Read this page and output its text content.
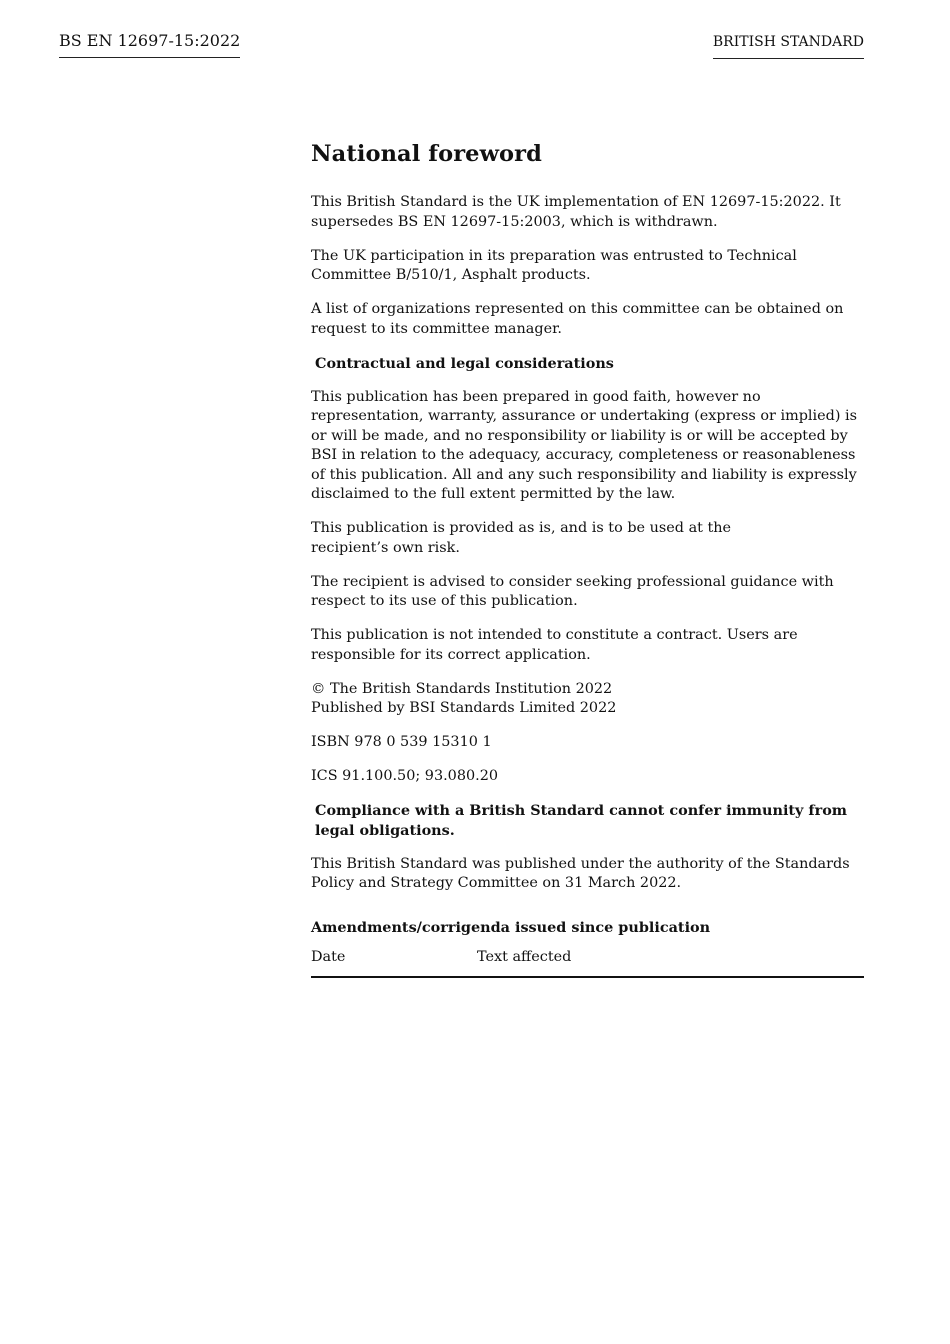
BS EN 12697-15:2022	BRITISH STANDARD
National foreword

This British Standard is the UK implementation of EN 12697-15:2022. It supersedes BS EN 12697-15:2003, which is withdrawn.

The UK participation in its preparation was entrusted to Technical Committee B/510/1, Asphalt products.

A list of organizations represented on this committee can be obtained on request to its committee manager.

Contractual and legal considerations

This publication has been prepared in good faith, however no representation, warranty, assurance or undertaking (express or implied) is or will be made, and no responsibility or liability is or will be accepted by BSI in relation to the adequacy, accuracy, completeness or reasonableness of this publication. All and any such responsibility and liability is expressly disclaimed to the full extent permitted by the law.

This publication is provided as is, and is to be used at the
recipient’s own risk.

The recipient is advised to consider seeking professional guidance with respect to its use of this publication.

This publication is not intended to constitute a contract. Users are responsible for its correct application.

© The British Standards Institution 2022
Published by BSI Standards Limited 2022

ISBN 978 0 539 15310 1

ICS 91.100.50; 93.080.20

Compliance with a British Standard cannot confer immunity from legal obligations.

This British Standard was published under the authority of the Standards Policy and Strategy Committee on 31 March 2022.

Amendments/corrigenda issued since publication
Date	Text affected
